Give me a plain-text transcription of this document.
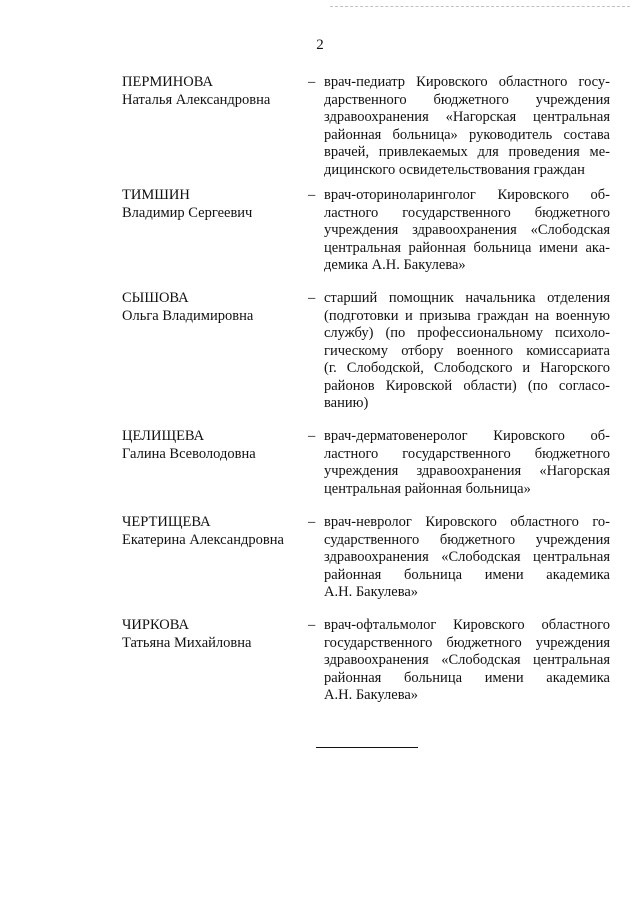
2
ПЕРМИНОВА
Наталья Александровна
– врач-педиатр Кировского областного госу-
дарственного бюджетного учреждения
здравоохранения «Нагорская центральная
районная больница» руководитель состава
врачей, привлекаемых для проведения ме-
дицинского освидетельствования граждан
ТИМШИН
Владимир Сергеевич
– врач-оториноларинголог Кировского об-
ластного государственного бюджетного
учреждения здравоохранения «Слободская
центральная районная больница имени ака-
демика А.Н. Бакулева»
СЫШОВА
Ольга Владимировна
– старший помощник начальника отделения
(подготовки и призыва граждан на военную
службу) (по профессиональному психоло-
гическому отбору военного комиссариата
(г. Слободской, Слободского и Нагорского
районов Кировской области) (по согласо-
ванию)
ЦЕЛИЩЕВА
Галина Всеволодовна
– врач-дерматовенеролог Кировского об-
ластного государственного бюджетного
учреждения здравоохранения «Нагорская
центральная районная больница»
ЧЕРТИЩЕВА
Екатерина Александровна
– врач-невролог Кировского областного го-
сударственного бюджетного учреждения
здравоохранения «Слободская центральная
районная больница имени академика
А.Н. Бакулева»
ЧИРКОВА
Татьяна Михайловна
– врач-офтальмолог Кировского областного
государственного бюджетного учреждения
здравоохранения «Слободская центральная
районная больница имени академика
А.Н. Бакулева»
